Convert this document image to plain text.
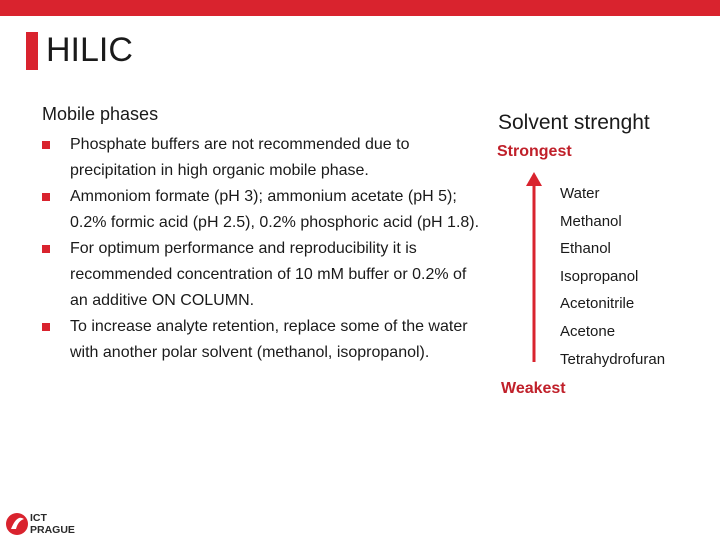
HILIC
Mobile phases
Phosphate buffers are not recommended due to precipitation in high organic mobile phase.
Ammoniom formate (pH 3); ammonium acetate (pH 5); 0.2% formic acid (pH 2.5), 0.2% phosphoric acid (pH 1.8).
For optimum performance and reproducibility it is recommended concentration of 10 mM buffer or 0.2% of an additive ON COLUMN.
To increase analyte retention, replace some of the water with another polar solvent (methanol, isopropanol).
Solvent strenght
Strongest
Water
Methanol
Ethanol
Isopropanol
Acetonitrile
Acetone
Tetrahydrofuran
Weakest
ICT
PRAGUE
